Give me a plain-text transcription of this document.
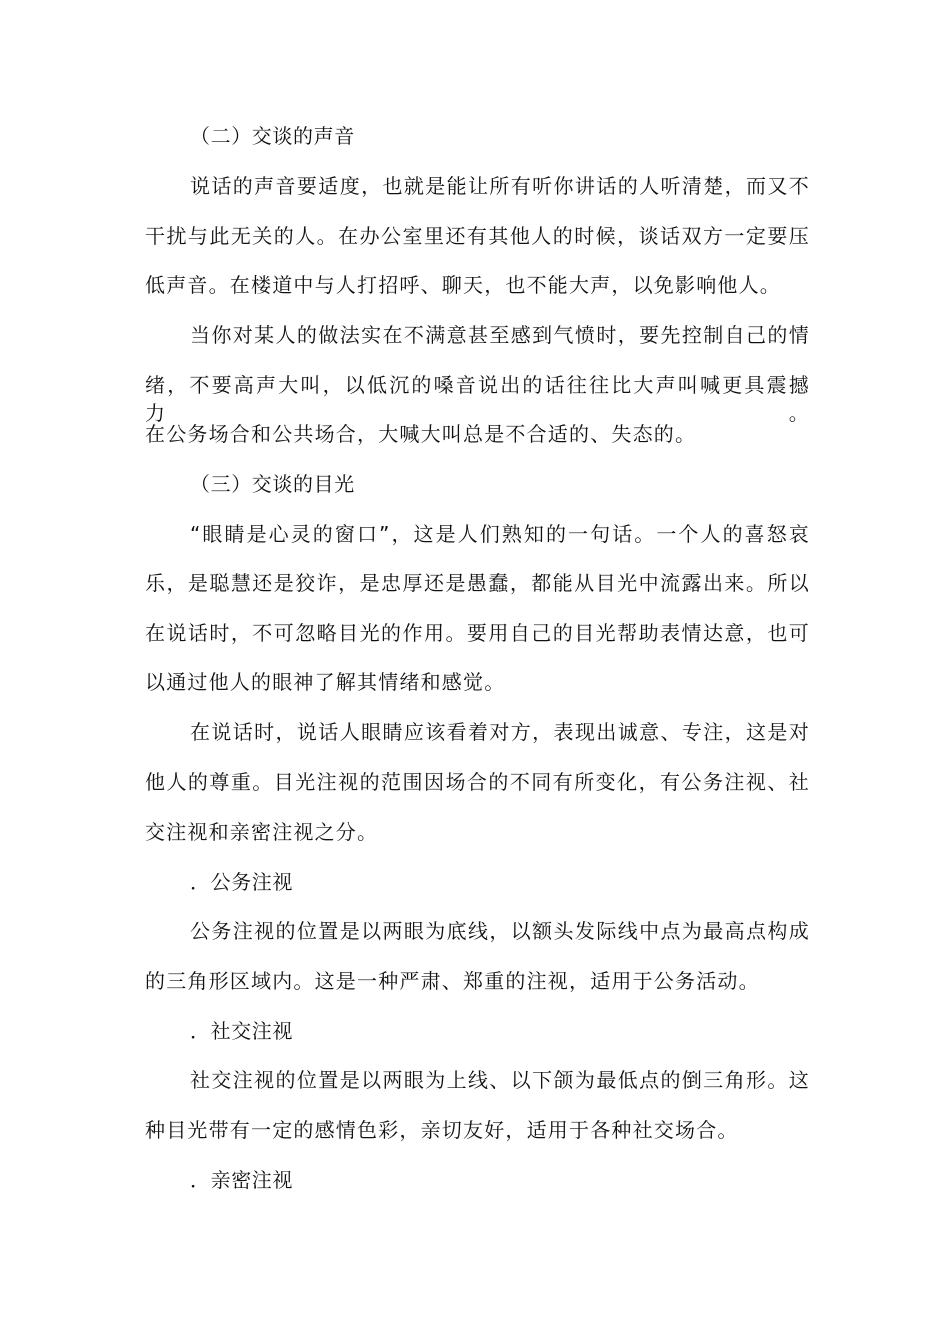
（二）交谈的声音
说话的声音要适度，也就是能让所有听你讲话的人听清楚，而又不
干扰与此无关的人。在办公室里还有其他人的时候，谈话双方一定要压
低声音。在楼道中与人打招呼、聊天，也不能大声，以免影响他人。
当你对某人的做法实在不满意甚至感到气愤时，要先控制自己的情
绪，不要高声大叫，以低沉的嗓音说出的话往往比大声叫喊更具震撼力。
在公务场合和公共场合，大喊大叫总是不合适的、失态的。
（三）交谈的目光
“眼睛是心灵的窗口”，这是人们熟知的一句话。一个人的喜怒哀
乐，是聪慧还是狡诈，是忠厚还是愚蠢，都能从目光中流露出来。所以
在说话时，不可忽略目光的作用。要用自己的目光帮助表情达意，也可
以通过他人的眼神了解其情绪和感觉。
在说话时，说话人眼睛应该看着对方，表现出诚意、专注，这是对
他人的尊重。目光注视的范围因场合的不同有所变化，有公务注视、社
交注视和亲密注视之分。
．公务注视
公务注视的位置是以两眼为底线，以额头发际线中点为最高点构成
的三角形区域内。这是一种严肃、郑重的注视，适用于公务活动。
．社交注视
社交注视的位置是以两眼为上线、以下颌为最低点的倒三角形。这
种目光带有一定的感情色彩，亲切友好，适用于各种社交场合。
．亲密注视
